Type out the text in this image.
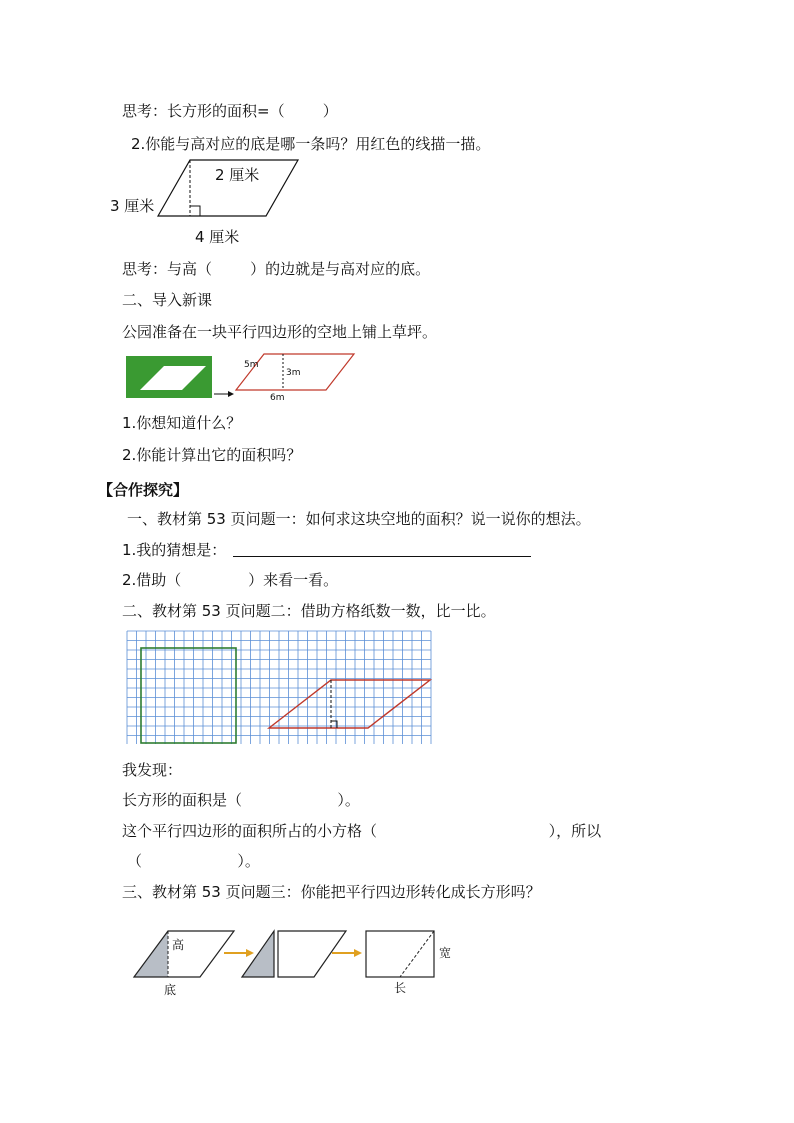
思考：长方形的面积=（        ）
2.你能与高对应的底是哪一条吗？用红色的线描一描。
2 厘米
3 厘米
4 厘米
思考：与高（        ）的边就是与高对应的底。
二、导入新课
公园准备在一块平行四边形的空地上铺上草坪。
5m
3m
6m
1.你想知道什么？
2.你能计算出它的面积吗？
【合作探究】
一、教材第 53 页问题一：如何求这块空地的面积？说一说你的想法。
1.我的猜想是：
2.借助（              ）来看一看。
二、教材第 53 页问题二：借助方格纸数一数，比一比。
我发现：
长方形的面积是（                    ）。
这个平行四边形的面积所占的小方格（                                    ），所以
（                    ）。
三、教材第 53 页问题三：你能把平行四边形转化成长方形吗？
高
底
宽
长
